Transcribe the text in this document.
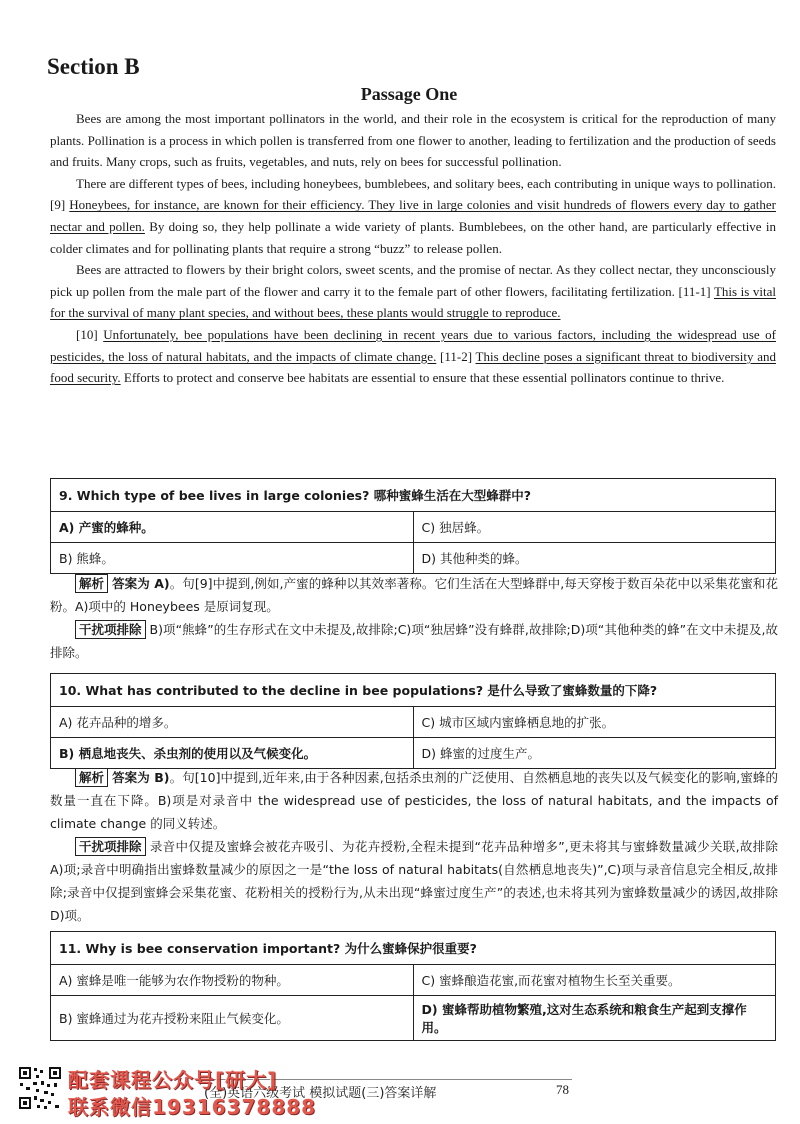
Section B
Passage One

Bees are among the most important pollinators in the world, and their role in the ecosystem is critical for the reproduction of many plants. Pollination is a process in which pollen is transferred from one flower to another, leading to fertilization and the production of seeds and fruits. Many crops, such as fruits, vegetables, and nuts, rely on bees for successful pollination.

There are different types of bees, including honeybees, bumblebees, and solitary bees, each contributing in unique ways to pollination. [9] Honeybees, for instance, are known for their efficiency. They live in large colonies and visit hundreds of flowers every day to gather nectar and pollen. By doing so, they help pollinate a wide variety of plants. Bumblebees, on the other hand, are particularly effective in colder climates and for pollinating plants that require a strong “buzz” to release pollen.

Bees are attracted to flowers by their bright colors, sweet scents, and the promise of nectar. As they collect nectar, they unconsciously pick up pollen from the male part of the flower and carry it to the female part of other flowers, facilitating fertilization. [11-1] This is vital for the survival of many plant species, and without bees, these plants would struggle to reproduce.

[10] Unfortunately, bee populations have been declining in recent years due to various factors, including the widespread use of pesticides, the loss of natural habitats, and the impacts of climate change. [11-2] This decline poses a significant threat to biodiversity and food security. Efforts to protect and conserve bee habitats are essential to ensure that these essential pollinators continue to thrive.

9. Which type of bee lives in large colonies? 哪种蜜蜂生活在大型蜂群中?	
A) 产蜜的蜂种。	C) 独居蜂。
B) 熊蜂。	D) 其他种类的蜂。

解析 答案为 A)。句[9]中提到,例如,产蜜的蜂种以其效率著称。它们生活在大型蜂群中,每天穿梭于数百朵花中以采集花蜜和花粉。A)项中的 Honeybees 是原词复现。

干扰项排除 B)项“熊蜂”的生存形式在文中未提及,故排除;C)项“独居蜂”没有蜂群,故排除;D)项“其他种类的蜂”在文中未提及,故排除。

10. What has contributed to the decline in bee populations? 是什么导致了蜜蜂数量的下降?	
A) 花卉品种的增多。	C) 城市区域内蜜蜂栖息地的扩张。
B) 栖息地丧失、杀虫剂的使用以及气候变化。	D) 蜂蜜的过度生产。

解析 答案为 B)。句[10]中提到,近年来,由于各种因素,包括杀虫剂的广泛使用、自然栖息地的丧失以及气候变化的影响,蜜蜂的数量一直在下降。B)项是对录音中 the widespread use of pesticides, the loss of natural habitats, and the impacts of climate change 的同义转述。

干扰项排除 录音中仅提及蜜蜂会被花卉吸引、为花卉授粉,全程未提到“花卉品种增多”,更未将其与蜜蜂数量减少关联,故排除 A)项;录音中明确指出蜜蜂数量减少的原因之一是“the loss of natural habitats(自然栖息地丧失)”,C)项与录音信息完全相反,故排除;录音中仅提到蜜蜂会采集花蜜、花粉相关的授粉行为,从未出现“蜂蜜过度生产”的表述,也未将其列为蜜蜂数量减少的诱因,故排除 D)项。

11. Why is bee conservation important? 为什么蜜蜂保护很重要?	
A) 蜜蜂是唯一能够为农作物授粉的物种。	C) 蜜蜂酿造花蜜,而花蜜对植物生长至关重要。
B) 蜜蜂通过为花卉授粉来阻止气候变化。	D) 蜜蜂帮助植物繁殖,这对生态系统和粮食生产起到支撑作用。
(全)英语六级考试 模拟试题(三)答案详解	78
配套课程公众号[研大]
联系微信19316378888
